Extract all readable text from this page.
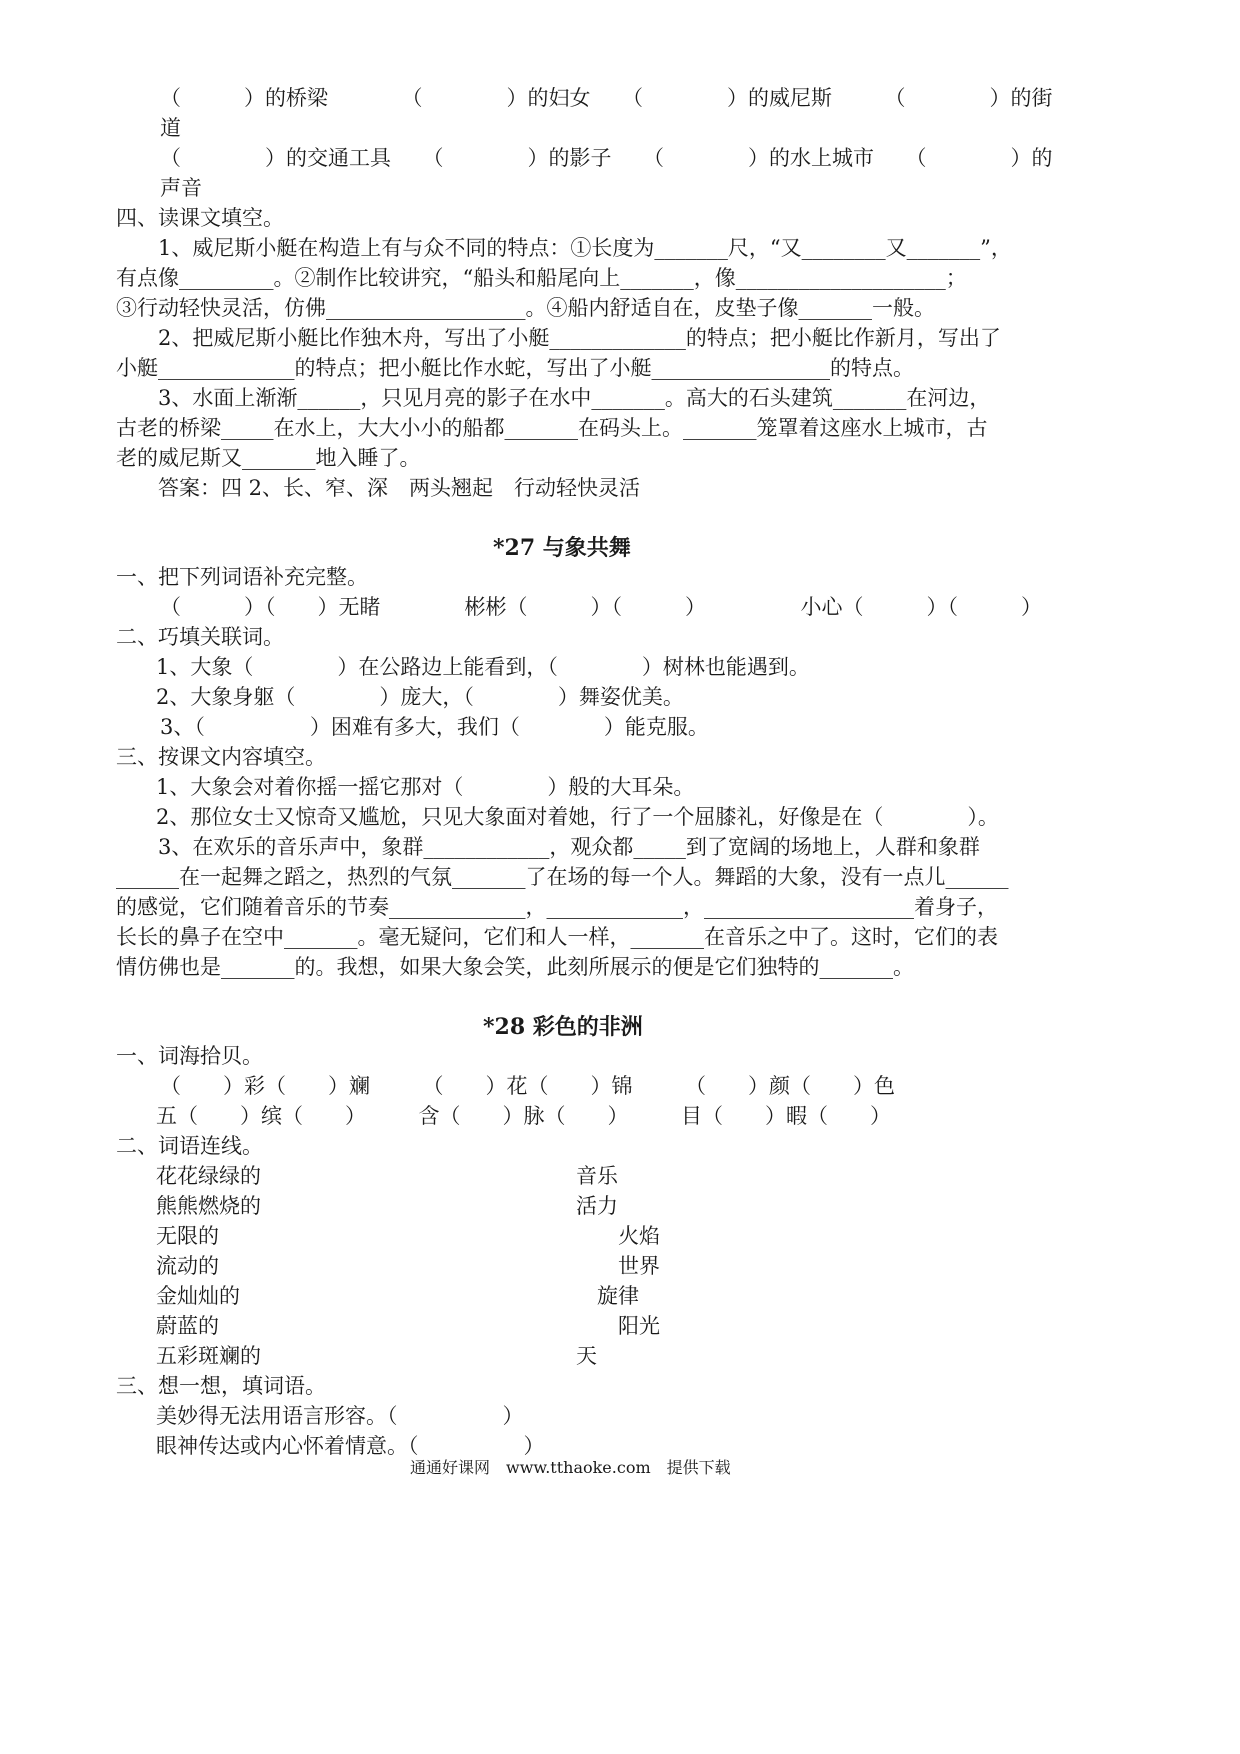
（　　　）的桥梁　　　　（　　　　）的妇女　　（　　　　）的威尼斯　　　（　　　　）的街
道
（　　　　）的交通工具　　（　　　　）的影子　　（　　　　）的水上城市　　（　　　　）的
声音
四、读课文填空。
　　1、威尼斯小艇在构造上有与众不同的特点：①长度为_______尺，“又________又_______”，
有点像_________。②制作比较讲究，“船头和船尾向上_______，像____________________；
③行动轻快灵活，仿佛___________________。④船内舒适自在，皮垫子像_______一般。
　　2、把威尼斯小艇比作独木舟，写出了小艇_____________的特点；把小艇比作新月，写出了
小艇_____________的特点；把小艇比作水蛇，写出了小艇_________________的特点。
　　3、水面上渐渐______，只见月亮的影子在水中_______。高大的石头建筑_______在河边，
古老的桥梁_____在水上，大大小小的船都_______在码头上。_______笼罩着这座水上城市，古
老的威尼斯又_______地入睡了。
　　答案：四 2、长、窄、深　两头翘起　行动轻快灵活
*27 与象共舞
一、把下列词语补充完整。
（　　　）（　　）无睹　　　　彬彬（　　　）（　　　）　　　　　小心（　　　）（　　　）
二、巧填关联词。
1、大象（　　　　）在公路边上能看到，（　　　　）树林也能遇到。
2、大象身躯（　　　　）庞大，（　　　　）舞姿优美。
3、（　　　　　）困难有多大，我们（　　　　）能克服。
三、按课文内容填空。
1、大象会对着你摇一摇它那对（　　　　）般的大耳朵。
2、那位女士又惊奇又尴尬，只见大象面对着她，行了一个屈膝礼，好像是在（　　　　）。
　　3、在欢乐的音乐声中，象群____________，观众都_____到了宽阔的场地上，人群和象群
______在一起舞之蹈之，热烈的气氛_______了在场的每一个人。舞蹈的大象，没有一点儿______
的感觉，它们随着音乐的节奏_____________，_____________，____________________着身子，
长长的鼻子在空中_______。毫无疑问，它们和人一样，_______在音乐之中了。这时，它们的表
情仿佛也是_______的。我想，如果大象会笑，此刻所展示的便是它们独特的_______。
*28 彩色的非洲
一、词海拾贝。
（　　）彩（　　）斓　　　（　　）花（　　）锦　　　（　　）颜（　　）色
五（　　）缤（　　）　　　含（　　）脉（　　）　　　目（　　）暇（　　）
二、词语连线。
花花绿绿的
熊熊燃烧的
无限的
流动的
金灿灿的
蔚蓝的
五彩斑斓的
音乐
活力
火焰
世界
旋律
阳光
天
三、想一想，填词语。
美妙得无法用语言形容。（　　　　　）
眼神传达或内心怀着情意。（　　　　　）
通通好课网　www.tthaoke.com　提供下载
